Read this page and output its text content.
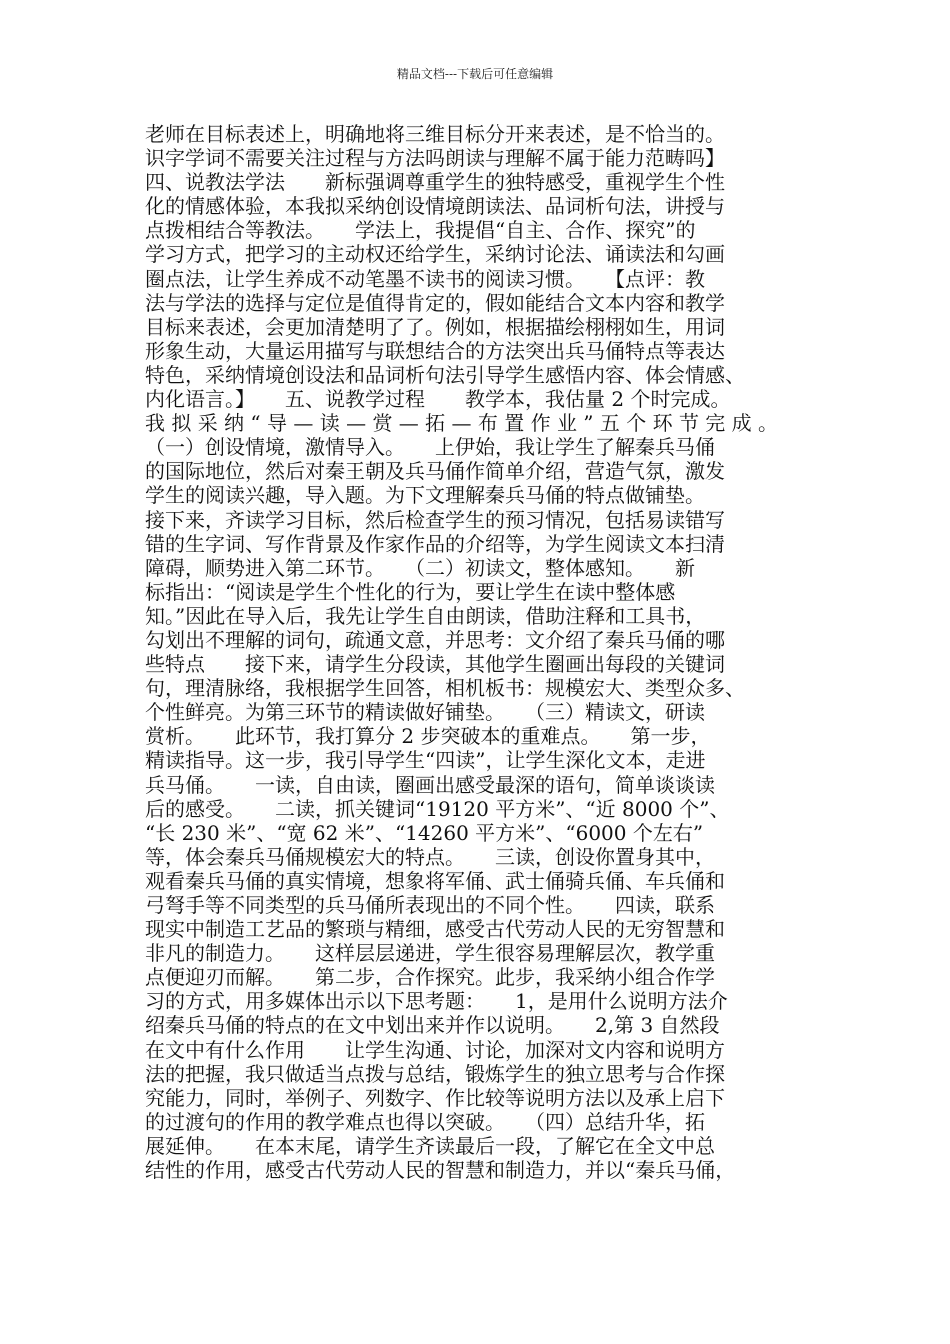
精品文档---下载后可任意编辑
老师在目标表述上，明确地将三维目标分开来表述，是不恰当的。
识字学词不需要关注过程与方法吗朗读与理解不属于能力范畴吗】
四、说教法学法　　新标强调尊重学生的独特感受，重视学生个性
化的情感体验，本我拟采纳创设情境朗读法、品词析句法，讲授与
点拨相结合等教法。　　学法上，我提倡“自主、合作、探究”的
学习方式，把学习的主动权还给学生，采纳讨论法、诵读法和勾画
圈点法，让学生养成不动笔墨不读书的阅读习惯。　　【点评：教
法与学法的选择与定位是值得肯定的，假如能结合文本内容和教学
目标来表述，会更加清楚明了了。例如，根据描绘栩栩如生，用词
形象生动，大量运用描写与联想结合的方法突出兵马俑特点等表达
特色，采纳情境创设法和品词析句法引导学生感悟内容、体会情感、
内化语言。】　　五、说教学过程　　教学本，我估量 2 个时完成。
我 拟 采 纳 “ 导 — 读 — 赏 — 拓 — 布 置 作 业 ” 五 个 环 节 完 成 。
（一）创设情境，激情导入。　　上伊始，我让学生了解秦兵马俑
的国际地位，然后对秦王朝及兵马俑作简单介绍，营造气氛，激发
学生的阅读兴趣，导入题。为下文理解秦兵马俑的特点做铺垫。
接下来，齐读学习目标，然后检查学生的预习情况，包括易读错写
错的生字词、写作背景及作家作品的介绍等，为学生阅读文本扫清
障碍，顺势进入第二环节。　　（二）初读文，整体感知。　　新
标指出：“阅读是学生个性化的行为，要让学生在读中整体感
知。”因此在导入后，我先让学生自由朗读，借助注释和工具书，
勾划出不理解的词句，疏通文意，并思考：文介绍了秦兵马俑的哪
些特点　　接下来，请学生分段读，其他学生圈画出每段的关键词
句，理清脉络，我根据学生回答，相机板书：规模宏大、类型众多、
个性鲜亮。为第三环节的精读做好铺垫。　　（三）精读文，研读
赏析。　　此环节，我打算分 2 步突破本的重难点。　　第一步，
精读指导。这一步，我引导学生“四读”，让学生深化文本，走进
兵马俑。　　一读，自由读，圈画出感受最深的语句，简单谈谈读
后的感受。　　二读，抓关键词“19120 平方米”、“近 8000 个”、
“长 230 米”、“宽 62 米”、“14260 平方米”、“6000 个左右”
等，体会秦兵马俑规模宏大的特点。　　三读，创设你置身其中，
观看秦兵马俑的真实情境，想象将军俑、武士俑骑兵俑、车兵俑和
弓弩手等不同类型的兵马俑所表现出的不同个性。　　四读，联系
现实中制造工艺品的繁琐与精细，感受古代劳动人民的无穷智慧和
非凡的制造力。　　这样层层递进，学生很容易理解层次，教学重
点便迎刃而解。　　第二步，合作探究。此步，我采纳小组合作学
习的方式，用多媒体出示以下思考题：　　1，是用什么说明方法介
绍秦兵马俑的特点的在文中划出来并作以说明。　　2,第 3 自然段
在文中有什么作用　　让学生沟通、讨论，加深对文内容和说明方
法的把握，我只做适当点拨与总结，锻炼学生的独立思考与合作探
究能力，同时，举例子、列数字、作比较等说明方法以及承上启下
的过渡句的作用的教学难点也得以突破。　　（四）总结升华，拓
展延伸。　　在本末尾，请学生齐读最后一段，了解它在全文中总
结性的作用，感受古代劳动人民的智慧和制造力，并以“秦兵马俑，
